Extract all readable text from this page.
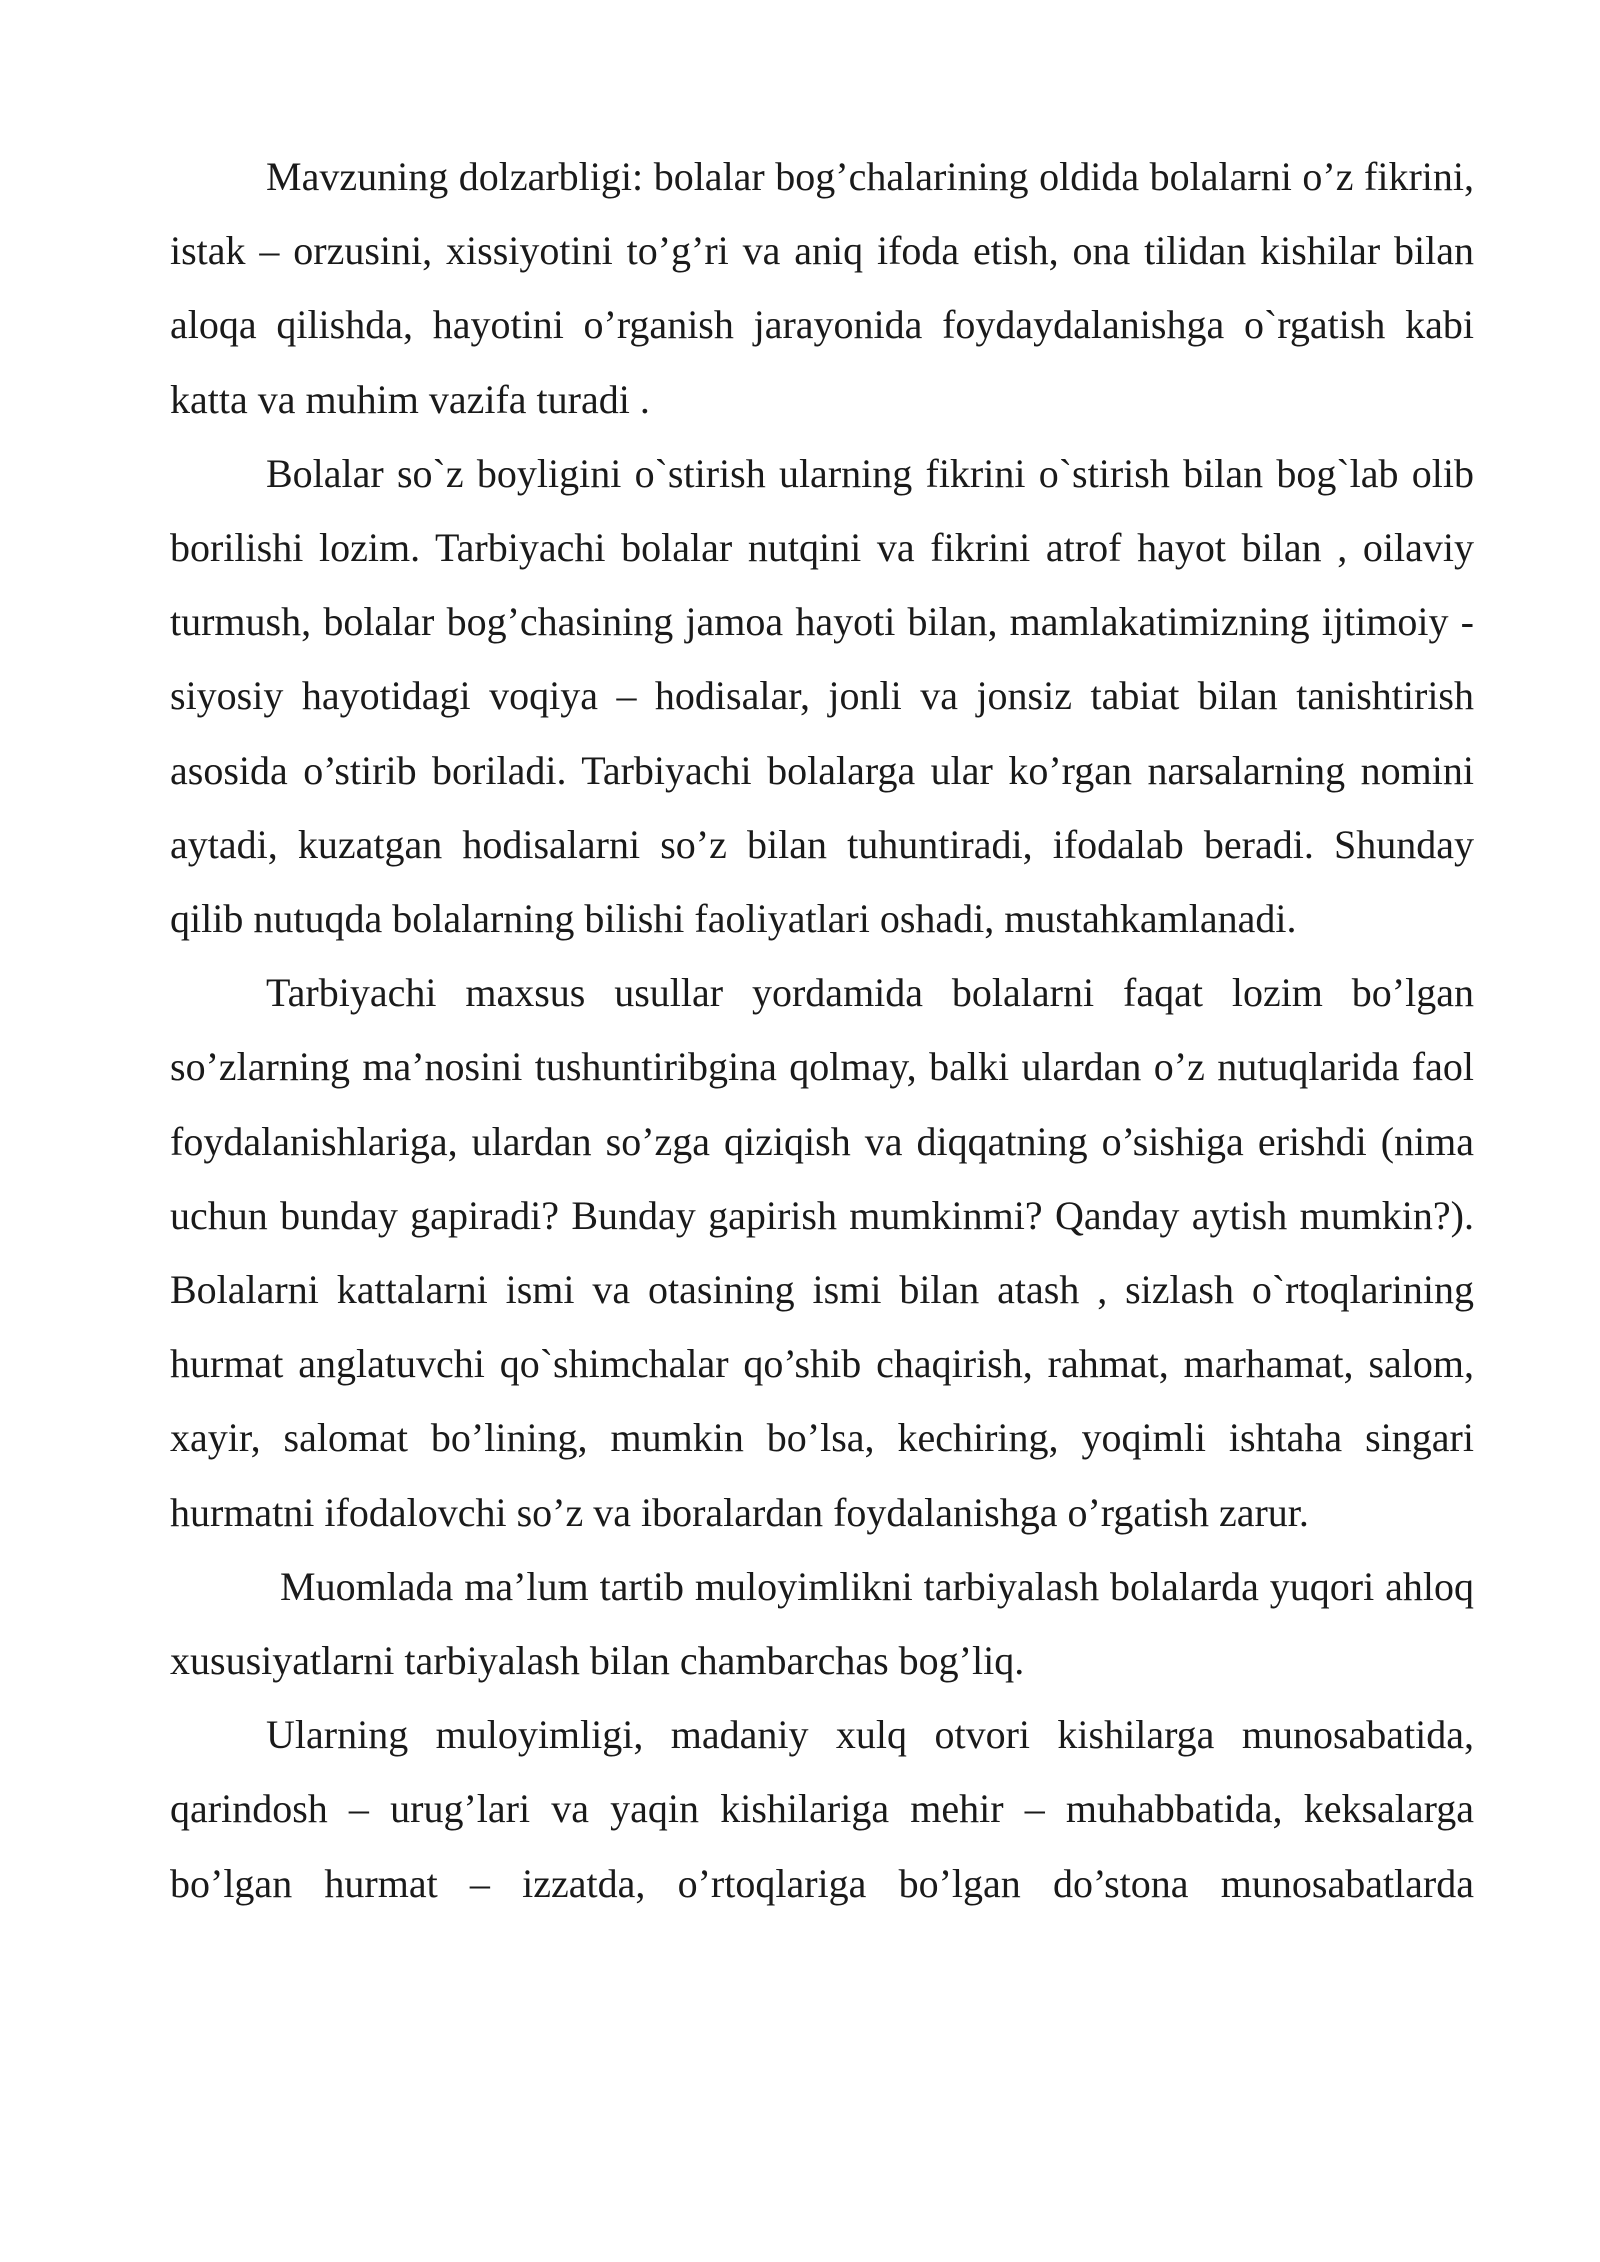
Mavzuning dolzarbligi: bolalar bog’chalarining oldida bolalarni o’z fikrini, istak – orzusini, xissiyotini to’g’ri va aniq ifoda etish, ona tilidan kishilar bilan aloqa qilishda, hayotini o’rganish jarayonida foydaydalanishga o`rgatish kabi katta va muhim vazifa turadi .

Bolalar so`z boyligini o`stirish ularning fikrini o`stirish bilan bog`lab olib borilishi lozim. Tarbiyachi bolalar nutqini va fikrini atrof hayot bilan , oilaviy turmush, bolalar bog’chasining jamoa hayoti bilan, mamlakatimizning ijtimoiy - siyosiy hayotidagi voqiya – hodisalar, jonli va jonsiz tabiat bilan tanishtirish asosida o’stirib boriladi. Tarbiyachi bolalarga ular ko’rgan narsalarning nomini aytadi, kuzatgan hodisalarni so’z bilan tuhuntiradi, ifodalab beradi. Shunday qilib nutuqda bolalarning bilishi faoliyatlari oshadi, mustahkamlanadi.

Tarbiyachi maxsus usullar yordamida bolalarni faqat lozim bo’lgan so’zlarning ma’nosini tushuntiribgina qolmay, balki ulardan o’z nutuqlarida faol foydalanishlariga, ulardan so’zga qiziqish va diqqatning o’sishiga erishdi (nima uchun bunday gapiradi? Bunday gapirish mumkinmi? Qanday aytish mumkin?). Bolalarni kattalarni ismi va otasining ismi bilan atash , sizlash o`rtoqlarining hurmat anglatuvchi qo`shimchalar qo’shib chaqirish, rahmat, marhamat, salom, xayir, salomat bo’lining, mumkin bo’lsa, kechiring, yoqimli ishtaha singari hurmatni ifodalovchi so’z va iboralardan foydalanishga o’rgatish zarur.

Muomlada ma’lum tartib muloyimlikni tarbiyalash bolalarda yuqori ahloq xususiyatlarni tarbiyalash bilan chambarchas bog’liq.

Ularning muloyimligi, madaniy xulq otvori kishilarga munosabatida, qarindosh – urug’lari va yaqin kishilariga mehir – muhabbatida, keksalarga bo’lgan hurmat – izzatda, o’rtoqlariga bo’lgan do’stona munosabatlarda
